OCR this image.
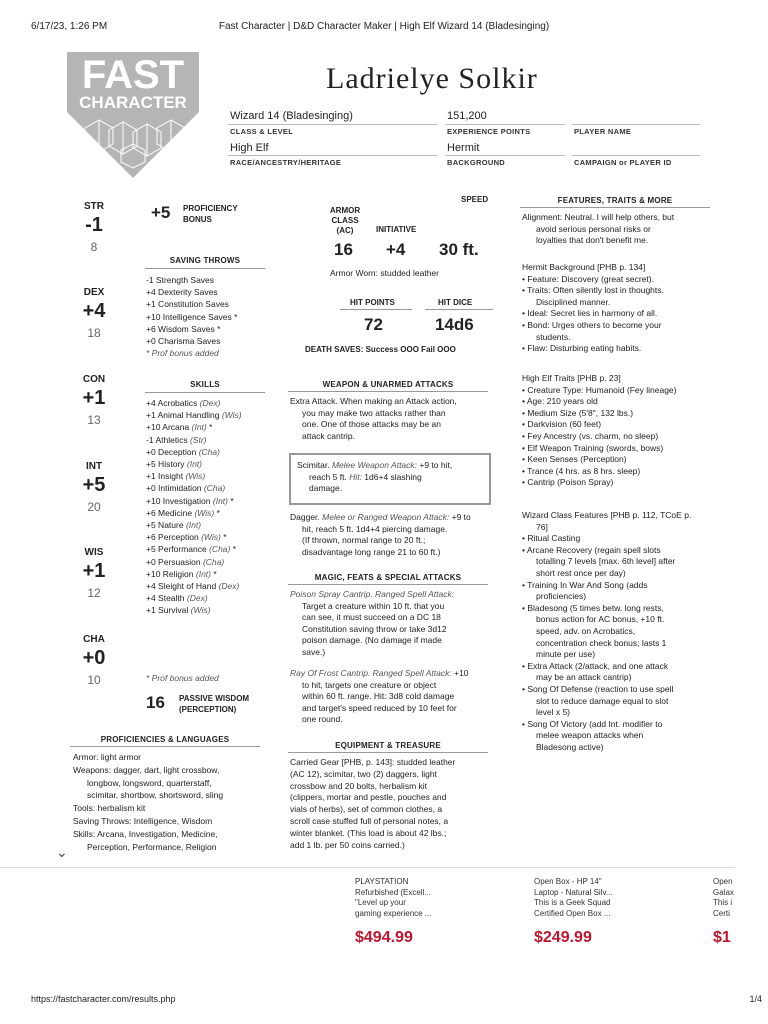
6/17/23, 1:26 PM	Fast Character | D&D Character Maker | High Elf Wizard 14 (Bladesinging)
FAST
CHARACTER
Ladrielye Solkir
Wizard 14 (Bladesinging)
CLASS & LEVEL
151,200
EXPERIENCE POINTS	PLAYER NAME
High Elf
RACE/ANCESTRY/HERITAGE
Hermit
BACKGROUND	CAMPAIGN or PLAYER ID
STR
-1
8
DEX
+4
18
CON
+1
13
INT
+5
20
WIS
+1
12
CHA
+0
10
+5 PROFICIENCY
BONUS
SAVING THROWS
-1 Strength Saves
+4 Dexterity Saves
+1 Constitution Saves
+10 Intelligence Saves *
+6 Wisdom Saves *
+0 Charisma Saves
* Prof bonus added
SKILLS
+4 Acrobatics (Dex)
+1 Animal Handling (Wis)
+10 Arcana (Int) *
-1 Athletics (Str)
+0 Deception (Cha)
+5 History (Int)
+1 Insight (Wis)
+0 Intimidation (Cha)
+10 Investigation (Int) *
+6 Medicine (Wis) *
+5 Nature (Int)
+6 Perception (Wis) *
+5 Performance (Cha) *
+0 Persuasion (Cha)
+10 Religion (Int) *
+4 Sleight of Hand (Dex)
+4 Stealth (Dex)
+1 Survival (Wis)
* Prof bonus added
16 PASSIVE WISDOM
(PERCEPTION)
PROFICIENCIES & LANGUAGES
Armor: light armor
Weapons: dagger, dart, light crossbow,
longbow, longsword, quarterstaff,
scimitar, shortbow, shortsword, sling
Tools: herbalism kit
Saving Throws: Intelligence, Wisdom
Skills: Arcana, Investigation, Medicine,
Perception, Performance, Religion
⌄
ARMOR CLASS (AC)	INITIATIVE
SPEED
16 +4 30 ft.
Armor Worn: studded leather
HIT POINTS	HIT DICE
72	14d6
DEATH SAVES: Success OOO Fail OOO
WEAPON & UNARMED ATTACKS
Extra Attack. When making an Attack action,
you may make two attacks rather than
one. One of those attacks may be an
attack cantrip.
Scimitar. Melee Weapon Attack: +9 to hit,
reach 5 ft. Hit: 1d6+4 slashing
damage.
Dagger. Melee or Ranged Weapon Attack: +9 to
hit, reach 5 ft. 1d4+4 piercing damage.
(If thrown, normal range to 20 ft.;
disadvantage long range 21 to 60 ft.)
MAGIC, FEATS & SPECIAL ATTACKS
Poison Spray Cantrip. Ranged Spell Attack:
Target a creature within 10 ft. that you
can see, it must succeed on a DC 18
Constitution saving throw or take 3d12
poison damage. (No damage if made
save.)
Ray Of Frost Cantrip. Ranged Spell Attack: +10
to hit, targets one creature or object
within 60 ft. range. Hit: 3d8 cold damage
and target's speed reduced by 10 feet for
one round.
EQUIPMENT & TREASURE
Carried Gear [PHB, p. 143]: studded leather
(AC 12), scimitar, two (2) daggers, light
crossbow and 20 bolts, herbalism kit
(clippers, mortar and pestle, pouches and
vials of herbs), set of common clothes, a
scroll case stuffed full of personal notes, a
winter blanket. (This load is about 42 lbs.;
add 1 lb. per 50 coins carried.)
FEATURES, TRAITS & MORE
Alignment: Neutral. I will help others, but
avoid serious personal risks or
loyalties that don't benefit me.
Hermit Background [PHB p. 134]
• Feature: Discovery (great secret).
• Traits: Often silently lost in thoughts.
Disciplined manner.
• Ideal: Secret lies in harmony of all.
• Bond: Urges others to become your
students.
• Flaw: Disturbing eating habits.
High Elf Traits [PHB p. 23]
• Creature Type: Humanoid (Fey lineage)
• Age: 210 years old
• Medium Size (5'8", 132 lbs.)
• Darkvision (60 feet)
• Fey Ancestry (vs. charm, no sleep)
• Elf Weapon Training (swords, bows)
• Keen Senses (Perception)
• Trance (4 hrs. as 8 hrs. sleep)
• Cantrip (Poison Spray)
Wizard Class Features [PHB p. 112, TCoE p.
76]
• Ritual Casting
• Arcane Recovery (regain spell slots
totalling 7 levels [max. 6th level] after
short rest once per day)
• Training In War And Song (adds
proficiencies)
• Bladesong (5 times betw. long rests,
bonus action for AC bonus, +10 ft.
speed, adv. on Acrobatics,
concentration check bonus; lasts 1
minute per use)
• Extra Attack (2/attack, and one attack
may be an attack cantrip)
• Song Of Defense (reaction to use spell
slot to reduce damage equal to slot
level x 5)
• Song Of Victory (add Int. modifier to
melee weapon attacks when
Bladesong active)
PLAYSTATION
Refurbished (Excell...
"Level up your
gaming experience ...
$494.99
Open Box - HP 14"
Laptop - Natural Silv...
This is a Geek Squad
Certified Open Box ...
$249.99
Open
Galax
This i
Certi
$1
https://fastcharacter.com/results.php	1/4
